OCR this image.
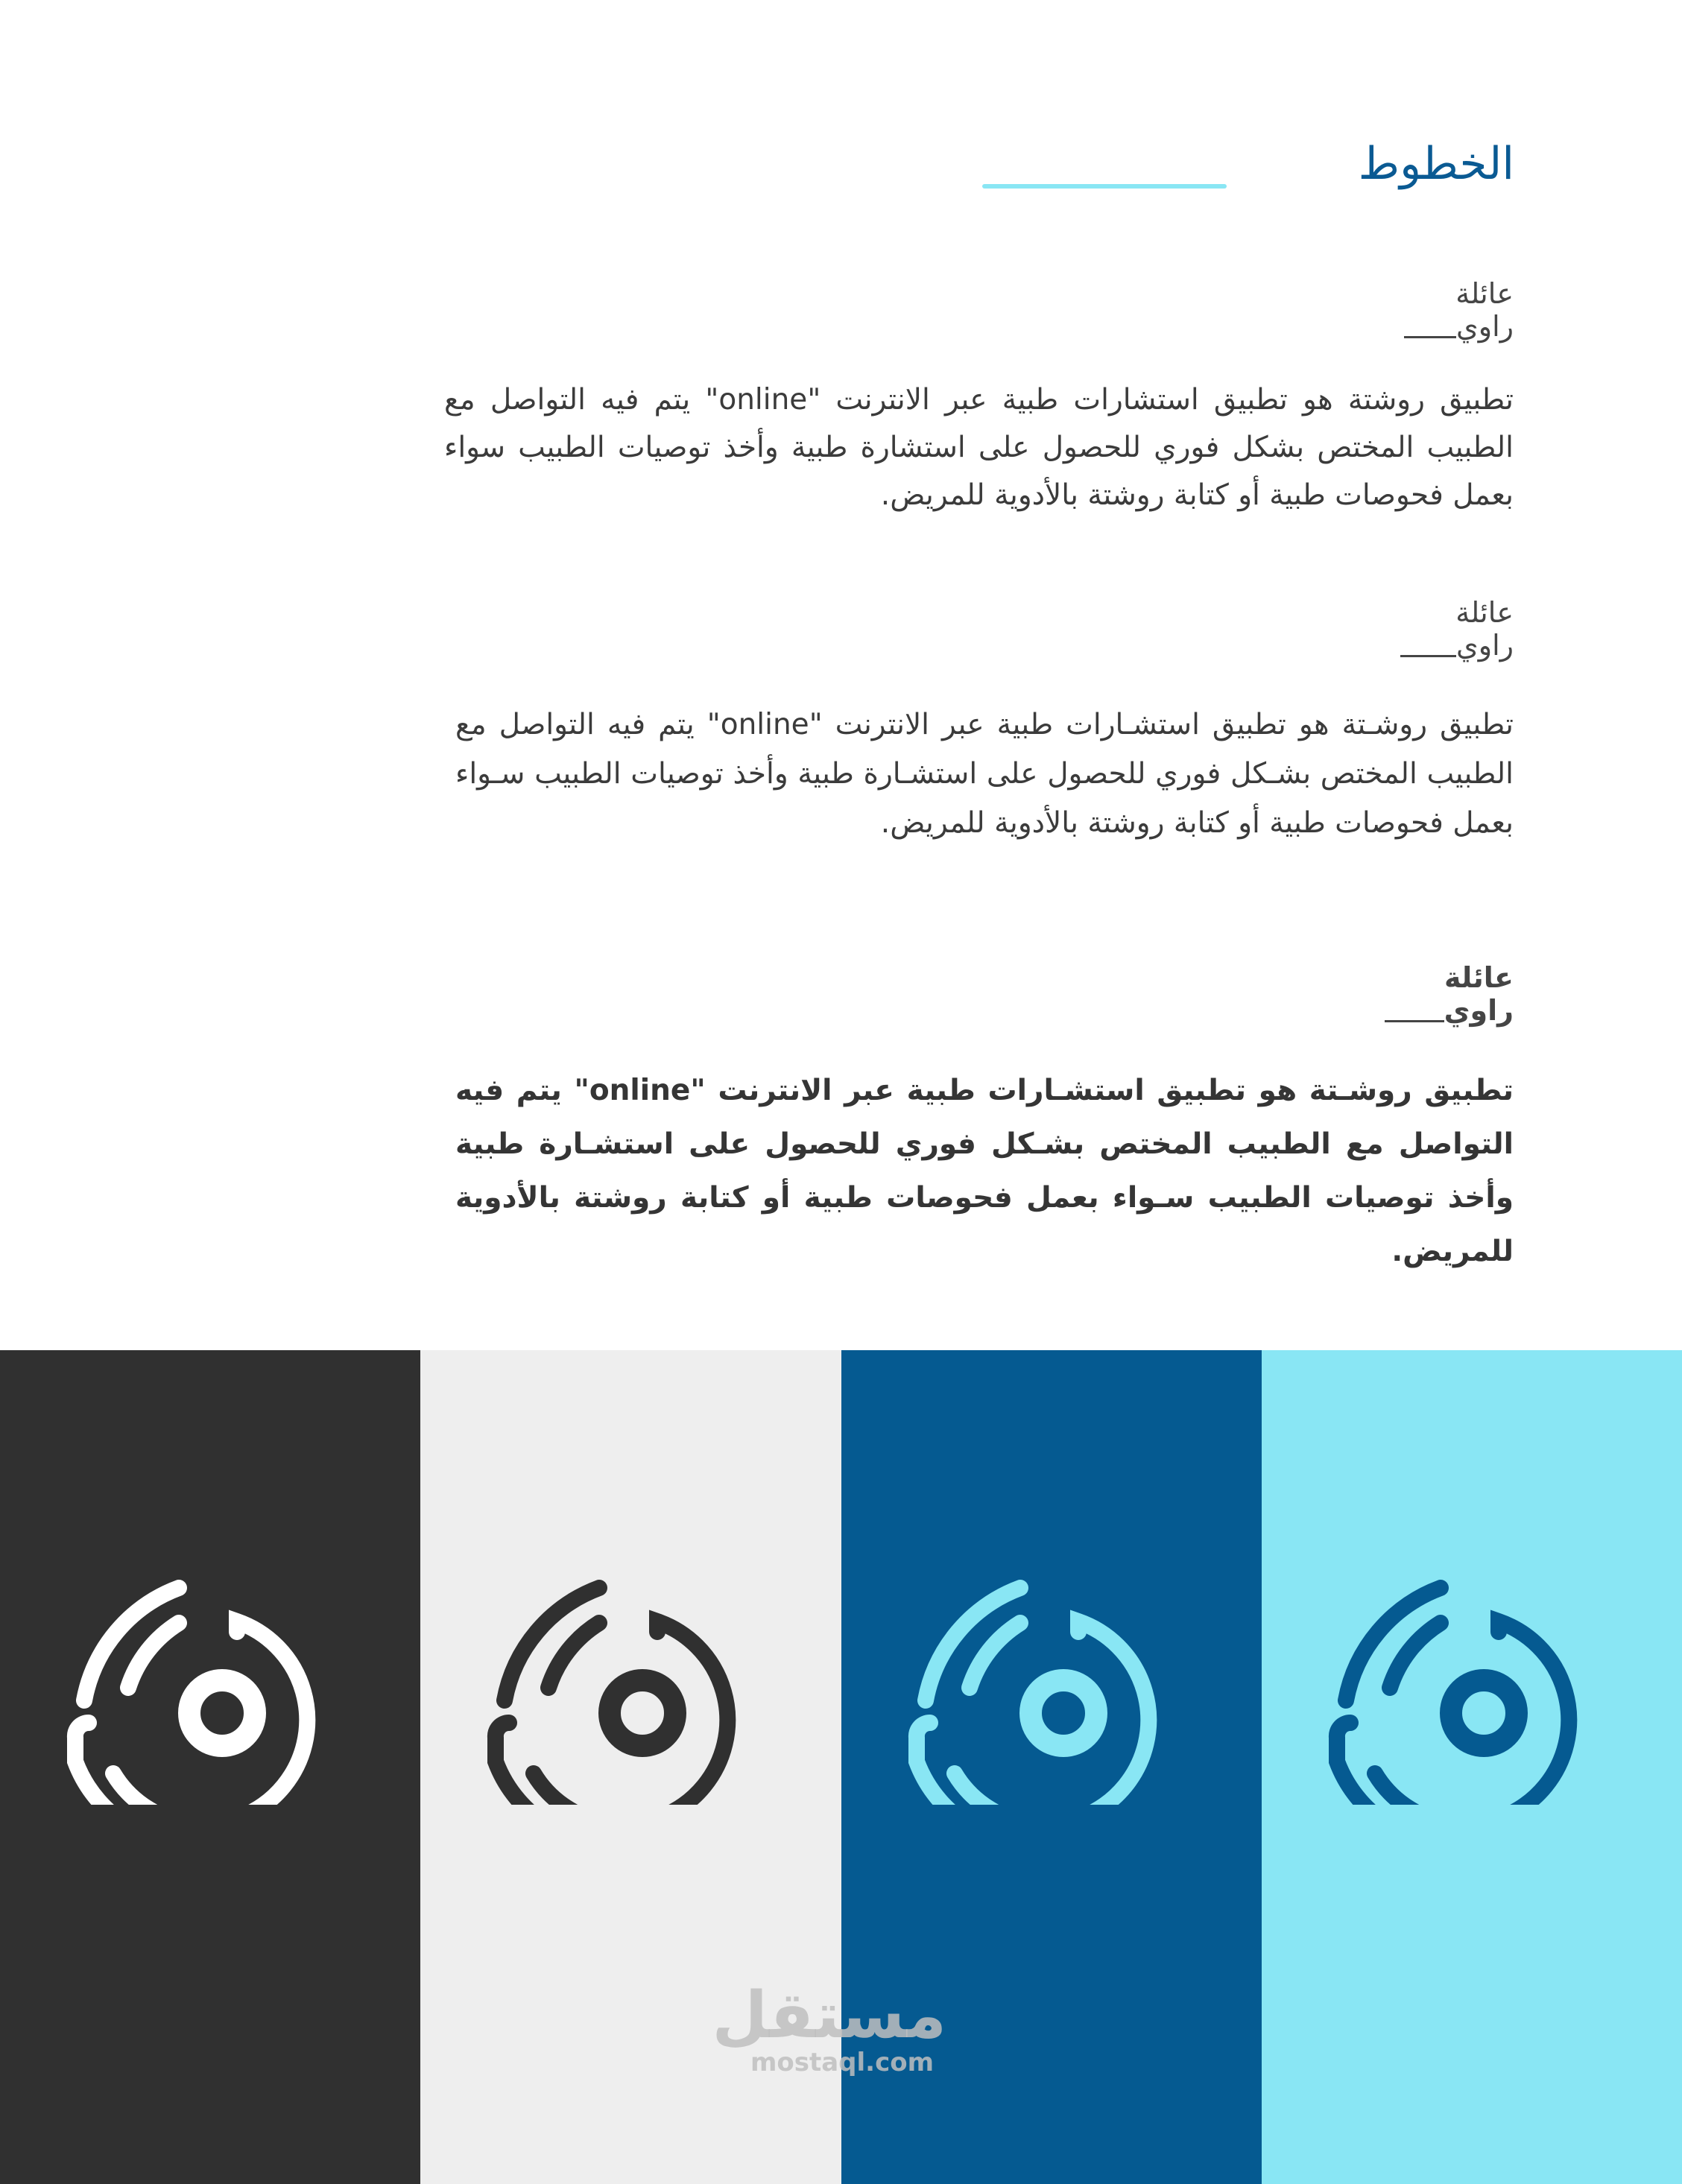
الخطوط
عائلة
راوي
تطبيق روشتة هو تطبيق استشارات طبية عبر الانترنت "online" يتم فيه التواصل مع الطبيب المختص بشكل فوري للحصول على استشارة طبية وأخذ توصيات الطبيب سواء بعمل فحوصات طبية أو كتابة روشتة بالأدوية للمريض.
عائلة
راوي
تطبيق روشـتة هو تطبيق استشـارات طبية عبر الانترنت "online" يتم فيه التواصل مع الطبيب المختص بشـكل فوري للحصول على استشـارة طبية وأخذ توصيات الطبيب سـواء بعمل فحوصات طبية أو كتابة روشتة بالأدوية للمريض.
عائلة
راوي
تطبيق روشـتة هو تطبيق استشـارات طبية عبر الانترنت "online" يتم فيه التواصل مع الطبيب المختص بشـكل فوري للحصول على استشـارة طبية وأخذ توصيات الطبيب سـواء بعمل فحوصات طبية أو كتابة روشتة بالأدوية للمريض.
مستقل
mostaql.com
